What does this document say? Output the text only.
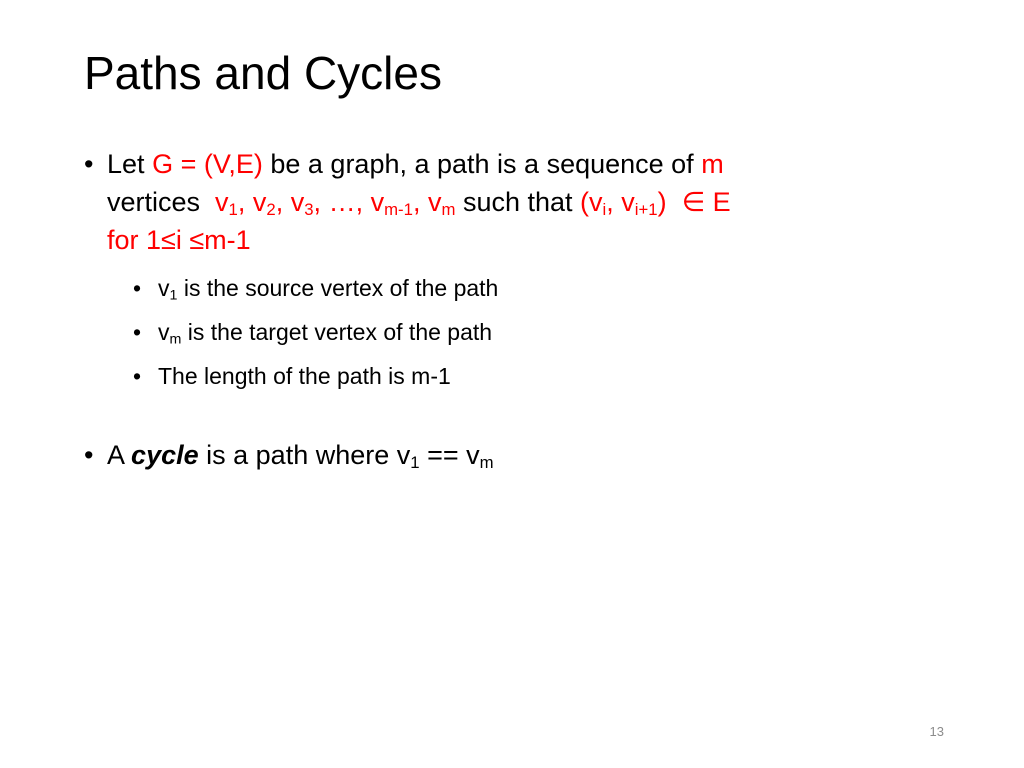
Paths and Cycles
• Let G = (V,E) be a graph, a path is a sequence of m
vertices $v_1$, $v_2$, $v_3$, …, $v_{m-1}$, $v_m$ such that ($v_i$, $v_{i+1}$) ∈ E
for 1≤i ≤m-1
• $v_1$ is the source vertex of the path
• $v_m$ is the target vertex of the path
• The length of the path is m-1
• A cycle is a path where $v_1 == v_m$
13
